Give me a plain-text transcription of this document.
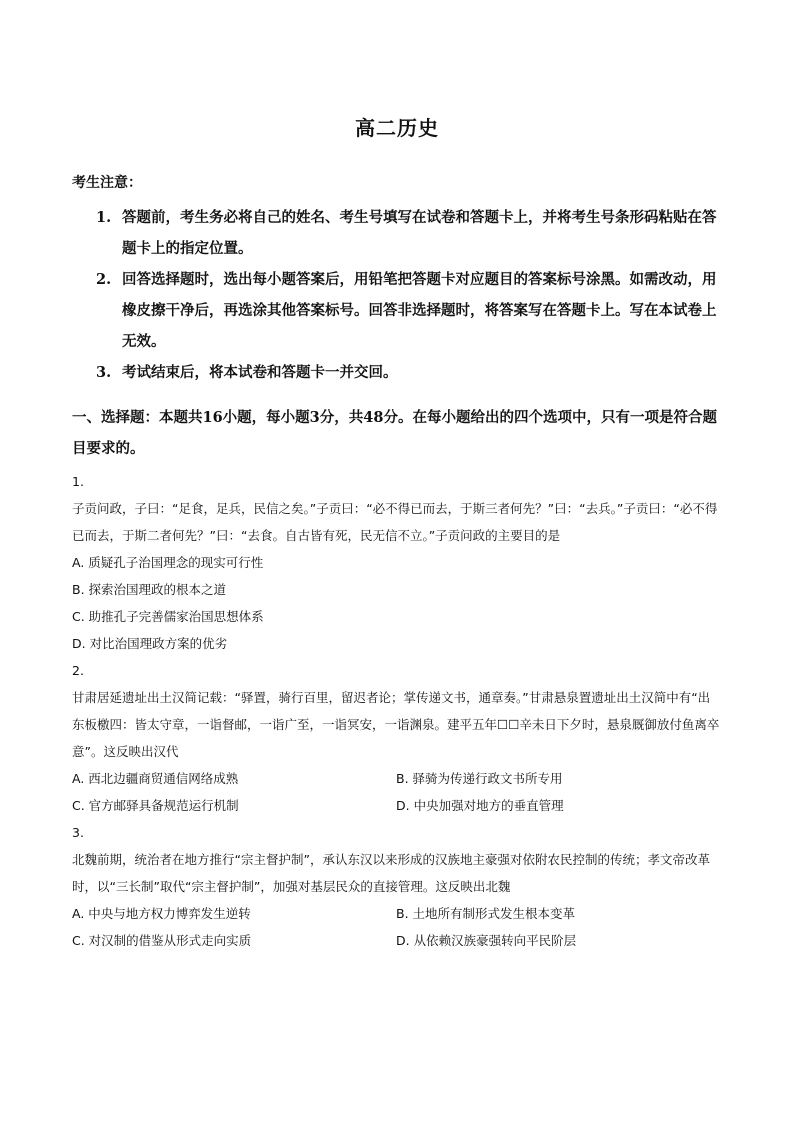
高二历史
考生注意：
1. 答题前，考生务必将自己的姓名、考生号填写在试卷和答题卡上，并将考生号条形码粘贴在答题卡上的指定位置。
2. 回答选择题时，选出每小题答案后，用铅笔把答题卡对应题目的答案标号涂黑。如需改动，用橡皮擦干净后，再选涂其他答案标号。回答非选择题时，将答案写在答题卡上。写在本试卷上无效。
3. 考试结束后，将本试卷和答题卡一并交回。
一、选择题：本题共16小题，每小题3分，共48分。在每小题给出的四个选项中，只有一项是符合题目要求的。
1.
子贡问政，子曰：“足食，足兵，民信之矣。”子贡曰：“必不得已而去，于斯三者何先？”曰：“去兵。”子贡曰：“必不得已而去，于斯二者何先？”曰：“去食。自古皆有死，民无信不立。”子贡问政的主要目的是
A. 质疑孔子治国理念的现实可行性
B. 探索治国理政的根本之道
C. 助推孔子完善儒家治国思想体系
D. 对比治国理政方案的优劣
2.
甘肃居延遗址出土汉简记载：“驿置，骑行百里，留迟者论；掌传递文书，通章奏。”甘肃悬泉置遗址出土汉简中有“出东板檄四：皆太守章，一诣督邮，一诣广至，一诣冥安，一诣渊泉。建平五年☐☐辛未日下夕时，悬泉厩御放付鱼离卒意”。这反映出汉代
A. 西北边疆商贸通信网络成熟	B. 驿骑为传递行政文书所专用
C. 官方邮驿具备规范运行机制	D. 中央加强对地方的垂直管理
3.
北魏前期，统治者在地方推行“宗主督护制”，承认东汉以来形成的汉族地主豪强对依附农民控制的传统；孝文帝改革时，以“三长制”取代“宗主督护制”，加强对基层民众的直接管理。这反映出北魏
A. 中央与地方权力博弈发生逆转	B. 土地所有制形式发生根本变革
C. 对汉制的借鉴从形式走向实质	D. 从依赖汉族豪强转向平民阶层
